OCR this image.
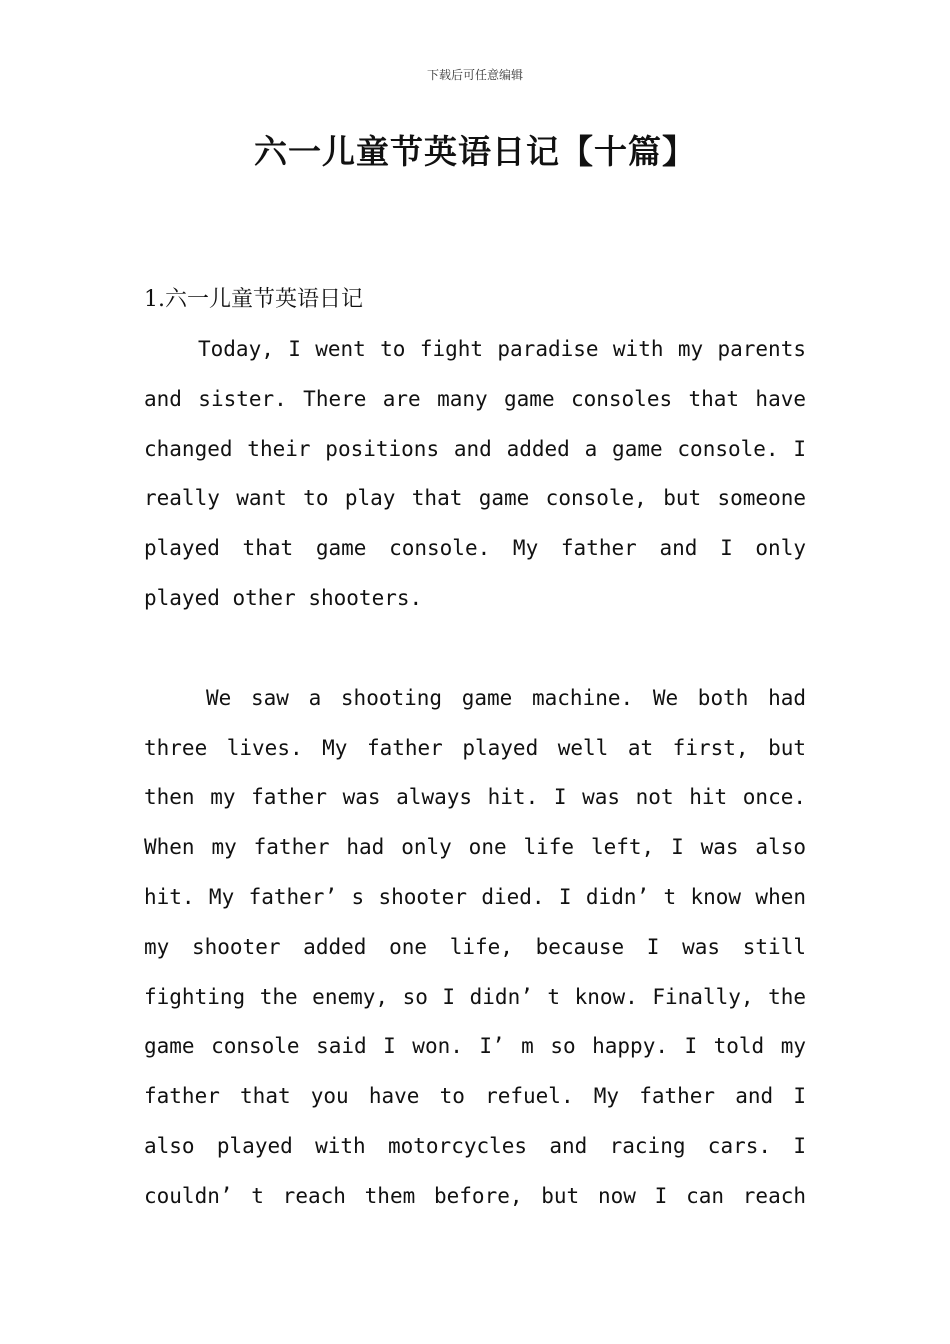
下载后可任意编辑
六一儿童节英语日记【十篇】
1.六一儿童节英语日记

Today, I went to fight paradise with my parents
and sister. There are many game consoles that have
changed their positions and added a game console. I
really want to play that game console, but someone
played that game console. My father and I only
played other shooters.

We saw a shooting game machine. We both had
three lives. My father played well at first, but
then my father was always hit. I was not hit once.
When my father had only one life left, I was also
hit. My father’ s shooter died. I didn’ t know when
my shooter added one life, because I was still
fighting the enemy, so I didn’ t know. Finally, the
game console said I won. I’ m so happy. I told my
father that you have to refuel. My father and I
also played with motorcycles and racing cars. I
couldn’ t reach them before, but now I can reach
